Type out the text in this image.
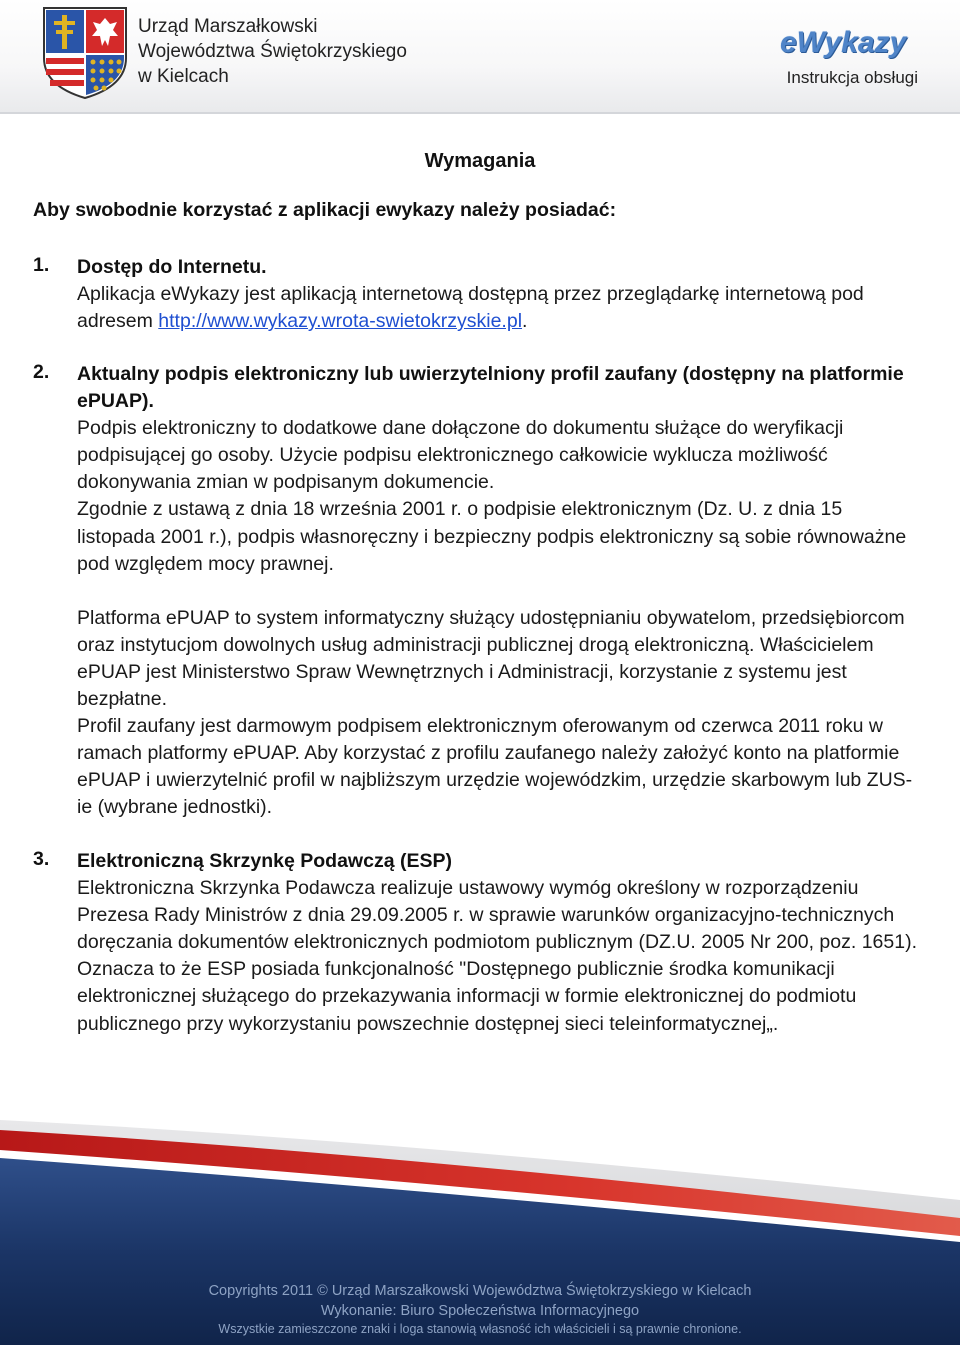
Urząd Marszałkowski
Województwa Świętokrzyskiego
w Kielcach
eWykazy
Instrukcja obsługi
Wymagania
Aby swobodnie korzystać z aplikacji ewykazy należy posiadać:
1. Dostęp do Internetu.

Aplikacja eWykazy jest aplikacją internetową dostępną przez przeglądarkę internetową pod adresem http://www.wykazy.wrota-swietokrzyskie.pl.

2. Aktualny podpis elektroniczny lub uwierzytelniony profil zaufany (dostępny na platformie ePUAP).

Podpis elektroniczny to dodatkowe dane dołączone do dokumentu służące do weryfikacji podpisującej go osoby. Użycie podpisu elektronicznego całkowicie wyklucza możliwość dokonywania zmian w podpisanym dokumencie.

Zgodnie z ustawą z dnia 18 września 2001 r. o podpisie elektronicznym (Dz. U. z dnia 15 listopada 2001 r.), podpis własnoręczny i bezpieczny podpis elektroniczny są sobie równoważne pod względem mocy prawnej.

Platforma ePUAP to system informatyczny służący udostępnianiu obywatelom, przedsiębiorcom oraz instytucjom dowolnych usług administracji publicznej drogą elektroniczną. Właścicielem ePUAP jest Ministerstwo Spraw Wewnętrznych i Administracji, korzystanie z systemu jest bezpłatne.

Profil zaufany jest darmowym podpisem elektronicznym oferowanym od czerwca 2011 roku w ramach platformy ePUAP. Aby korzystać z profilu zaufanego należy założyć konto na platformie ePUAP i uwierzytelnić profil w najbliższym urzędzie wojewódzkim, urzędzie skarbowym lub ZUS-ie (wybrane jednostki).

3. Elektroniczną Skrzynkę Podawczą (ESP)

Elektroniczna Skrzynka Podawcza realizuje ustawowy wymóg określony w rozporządzeniu Prezesa Rady Ministrów z dnia 29.09.2005 r. w sprawie warunków organizacyjno-technicznych doręczania dokumentów elektronicznych podmiotom publicznym (DZ.U. 2005 Nr 200, poz. 1651). Oznacza to że ESP posiada funkcjonalność "Dostępnego publicznie środka komunikacji elektronicznej służącego do przekazywania informacji w formie elektronicznej do podmiotu publicznego przy wykorzystaniu powszechnie dostępnej sieci teleinformatycznej„.

Copyrights 2011 © Urząd Marszałkowski Województwa Świętokrzyskiego w Kielcach
Wykonanie: Biuro Społeczeństwa Informacyjnego
Wszystkie zamieszczone znaki i loga stanowią własność ich właścicieli i są prawnie chronione.
